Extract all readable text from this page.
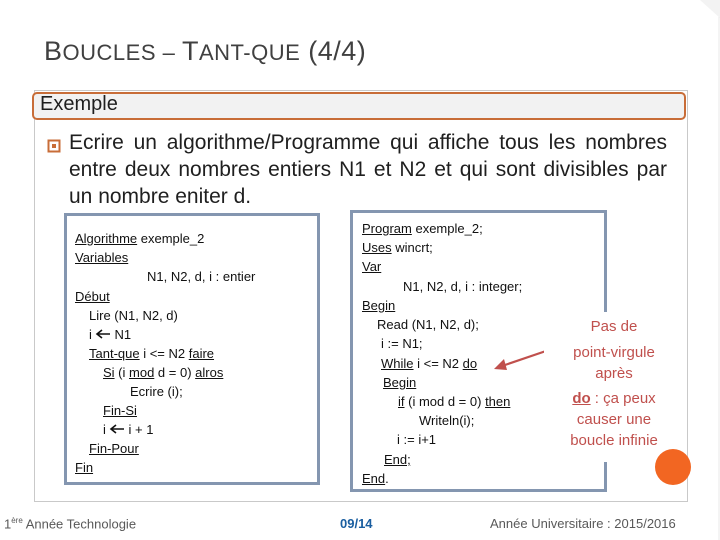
BOUCLES – TANT-QUE (4/4)
Exemple
Ecrire un algorithme/Programme qui affiche tous les nombres entre deux nombres entiers N1 et N2 et qui sont divisibles par un nombre eniter d.
Algorithme exemple_2
Variables
N1, N2, d, i : entier
Début
Lire (N1, N2, d)
i N1
Tant-que i <= N2 faire
Si (i mod d = 0) alros
Ecrire (i);
Fin-Si
i i + 1
Fin-Pour
Fin
Program exemple_2;
Uses wincrt;
Var
N1, N2, d, i : integer;
Begin
Read (N1, N2, d);
i := N1;
While i <= N2 do
Begin
if (i mod d = 0) then
Writeln(i);
i := i+1
End;
End.
Pas de
point-virgule
après
do : ça peux
causer une
boucle infinie
1ère Année Technologie	09/14	Année Universitaire : 2015/2016
